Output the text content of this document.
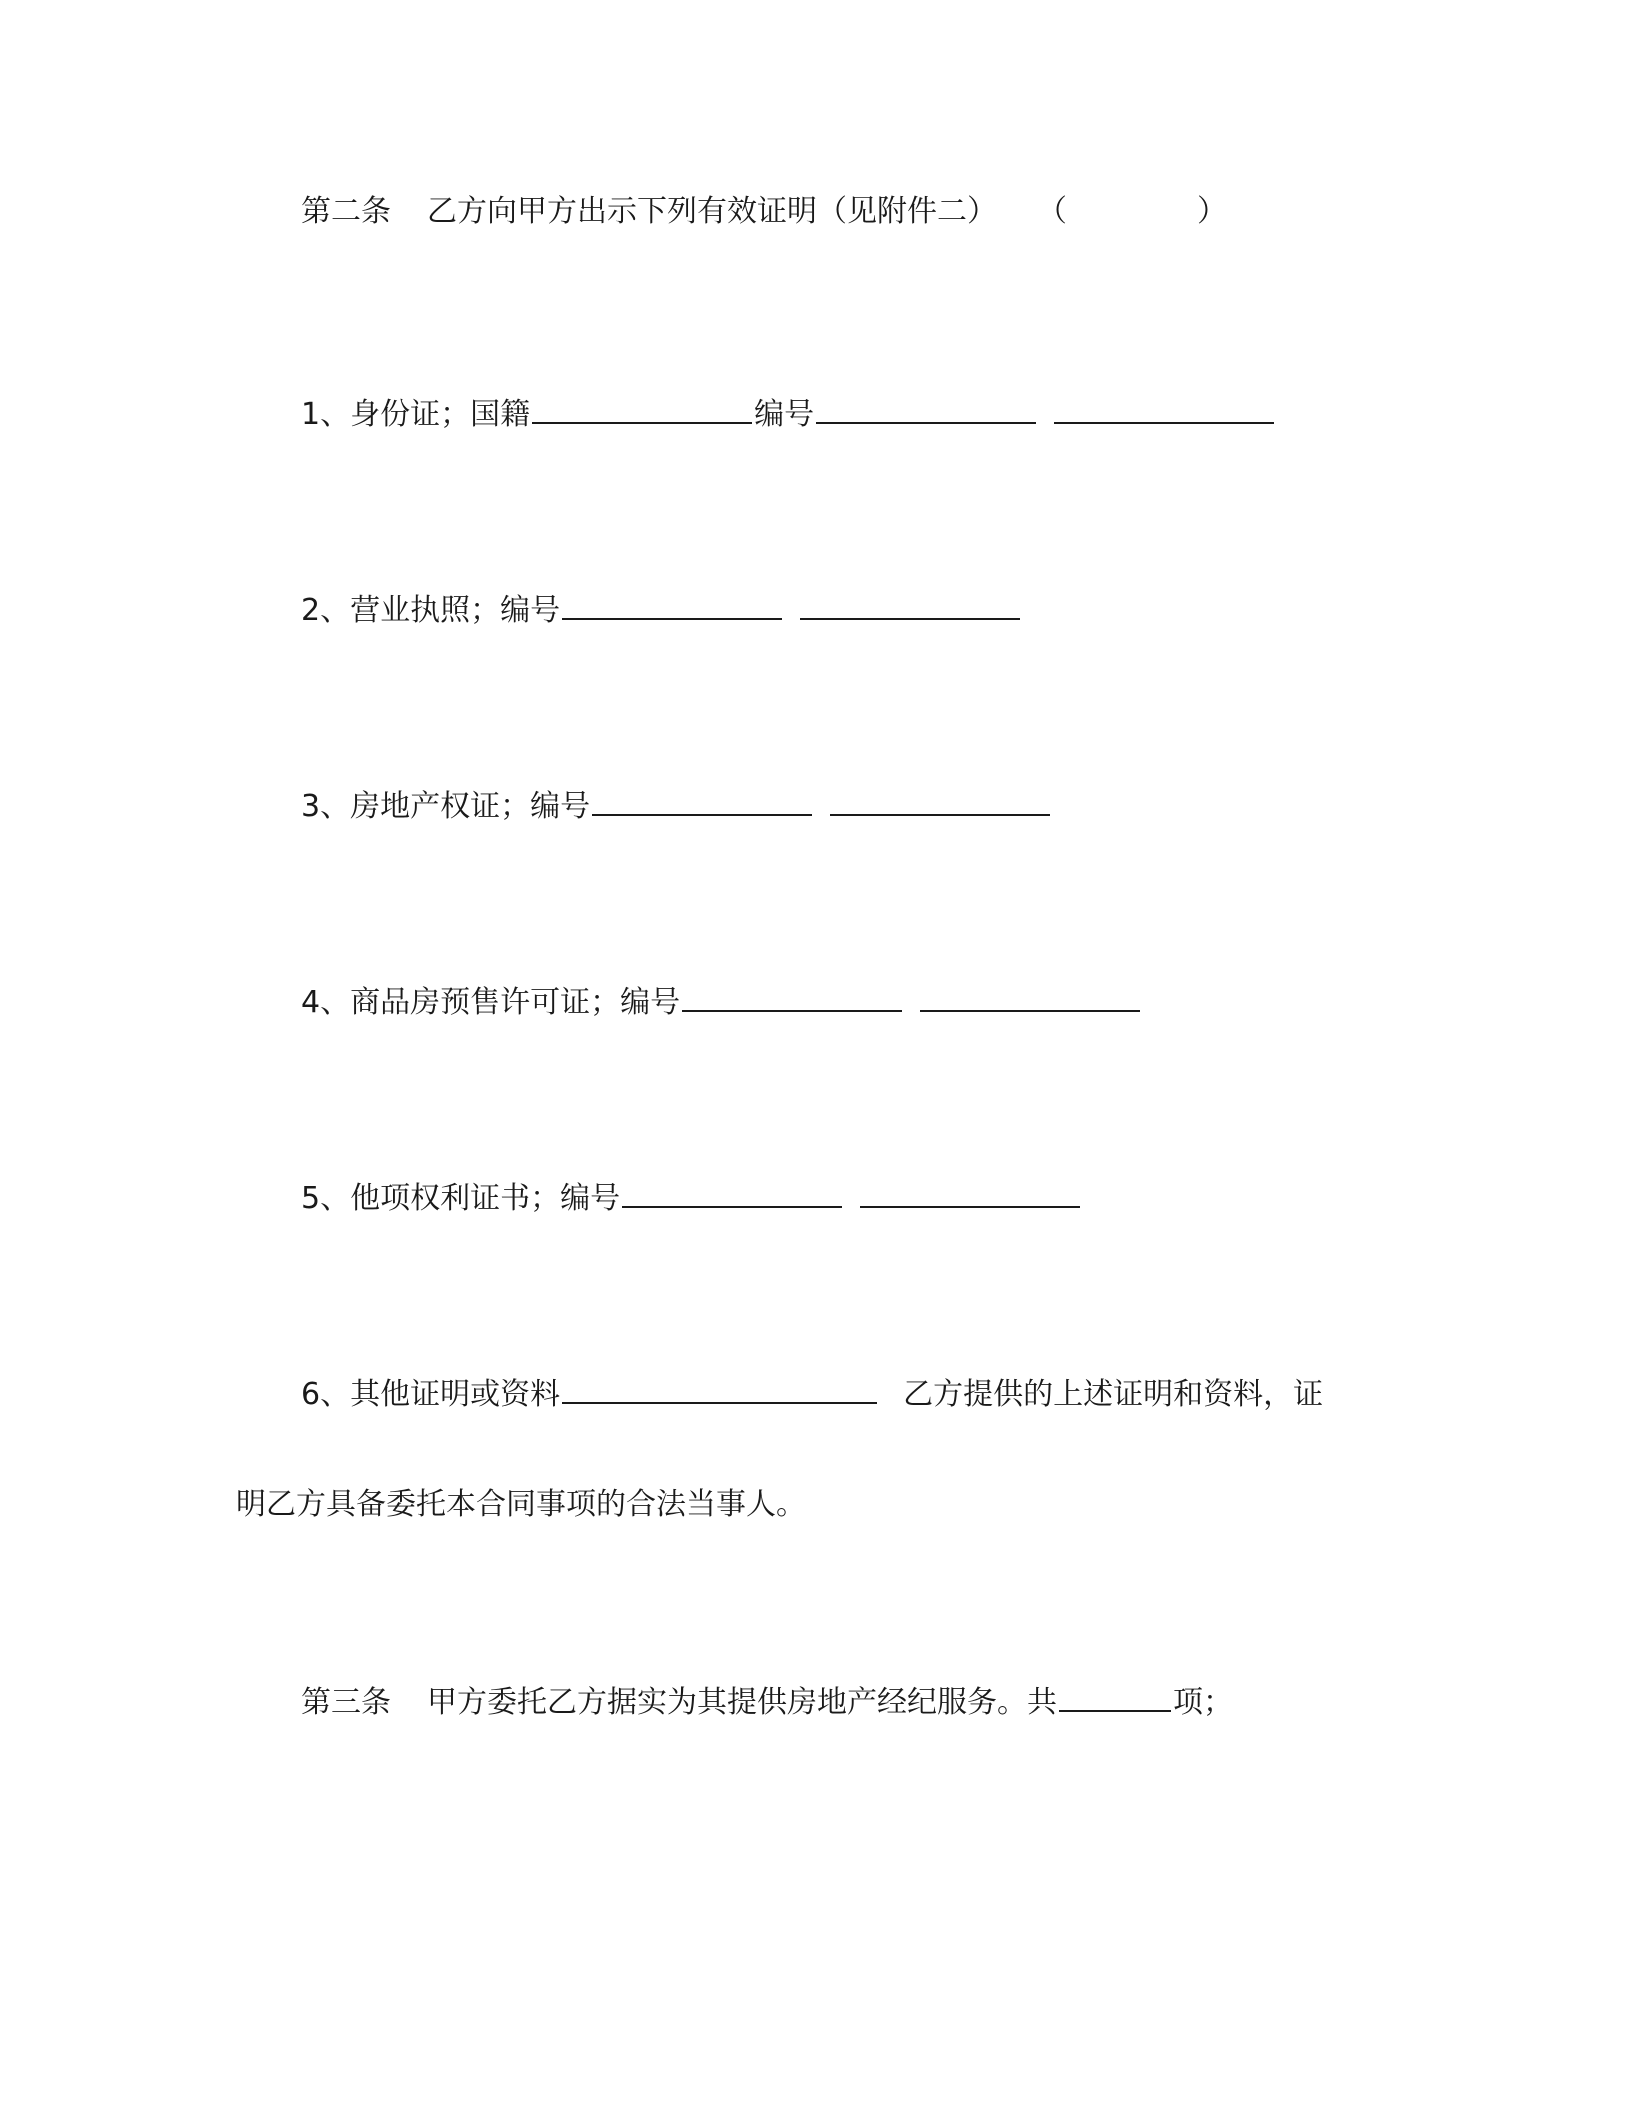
第二条 乙方向甲方出示下列有效证明（见附件二） （	）
1、身份证；国籍	编号
2、营业执照；编号
3、房地产权证；编号
4、商品房预售许可证；编号
5、他项权利证书；编号
6、其他证明或资料	乙方提供的上述证明和资料，证
明乙方具备委托本合同事项的合法当事人。
第三条 甲方委托乙方据实为其提供房地产经纪服务。共	项；
